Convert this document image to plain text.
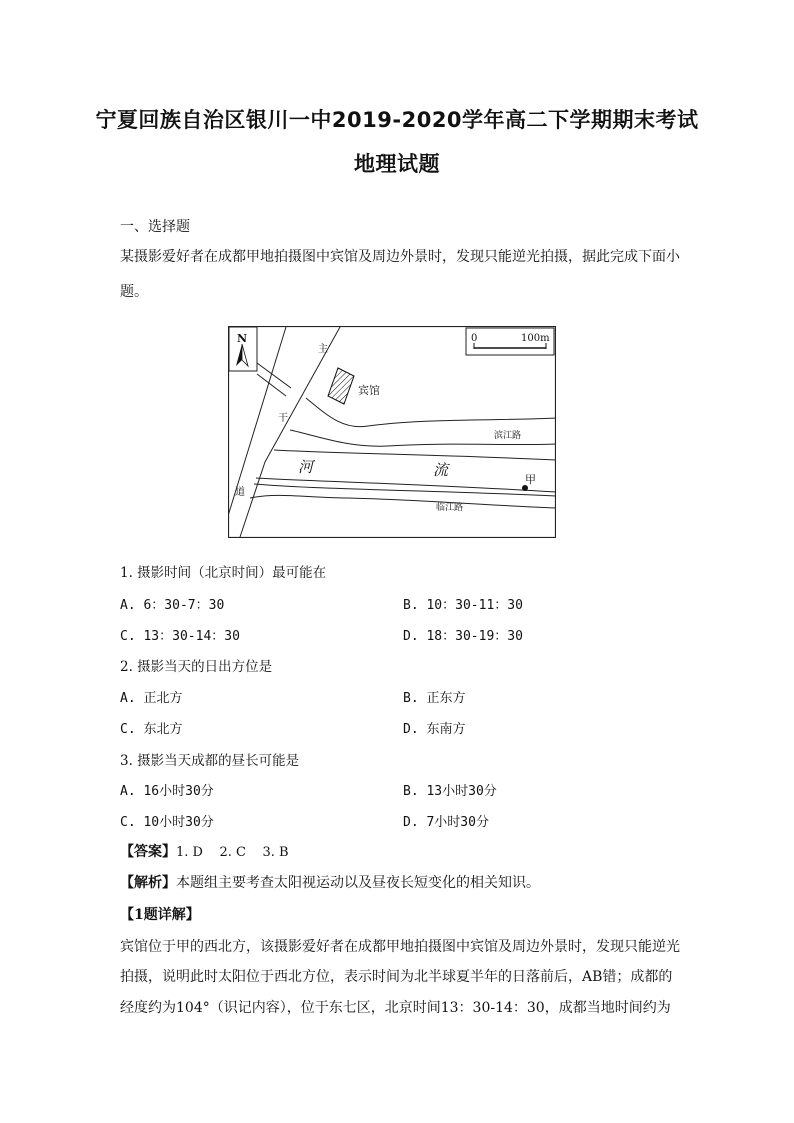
宁夏回族自治区银川一中2019-2020学年高二下学期期末考试
地理试题
一、选择题
某摄影爱好者在成都甲地拍摄图中宾馆及周边外景时，发现只能逆光拍摄，据此完成下面小
题。
N	0	100m
主
干
道
宾馆
滨江路
临江路
河	流
甲
1. 摄影时间（北京时间）最可能在
A. 6：30-7：30	B. 10：30-11：30
C. 13：30-14：30	D. 18：30-19：30
2. 摄影当天的日出方位是
A. 正北方	B. 正东方
C. 东北方	D. 东南方
3. 摄影当天成都的昼长可能是
A. 16小时30分	B. 13小时30分
C. 10小时30分	D. 7小时30分
【答案】1. D    2. C    3. B
【解析】本题组主要考查太阳视运动以及昼夜长短变化的相关知识。
【1题详解】
宾馆位于甲的西北方，该摄影爱好者在成都甲地拍摄图中宾馆及周边外景时，发现只能逆光
拍摄，说明此时太阳位于西北方位，表示时间为北半球夏半年的日落前后，AB错；成都的
经度约为104°（识记内容），位于东七区，北京时间13：30-14：30，成都当地时间约为
